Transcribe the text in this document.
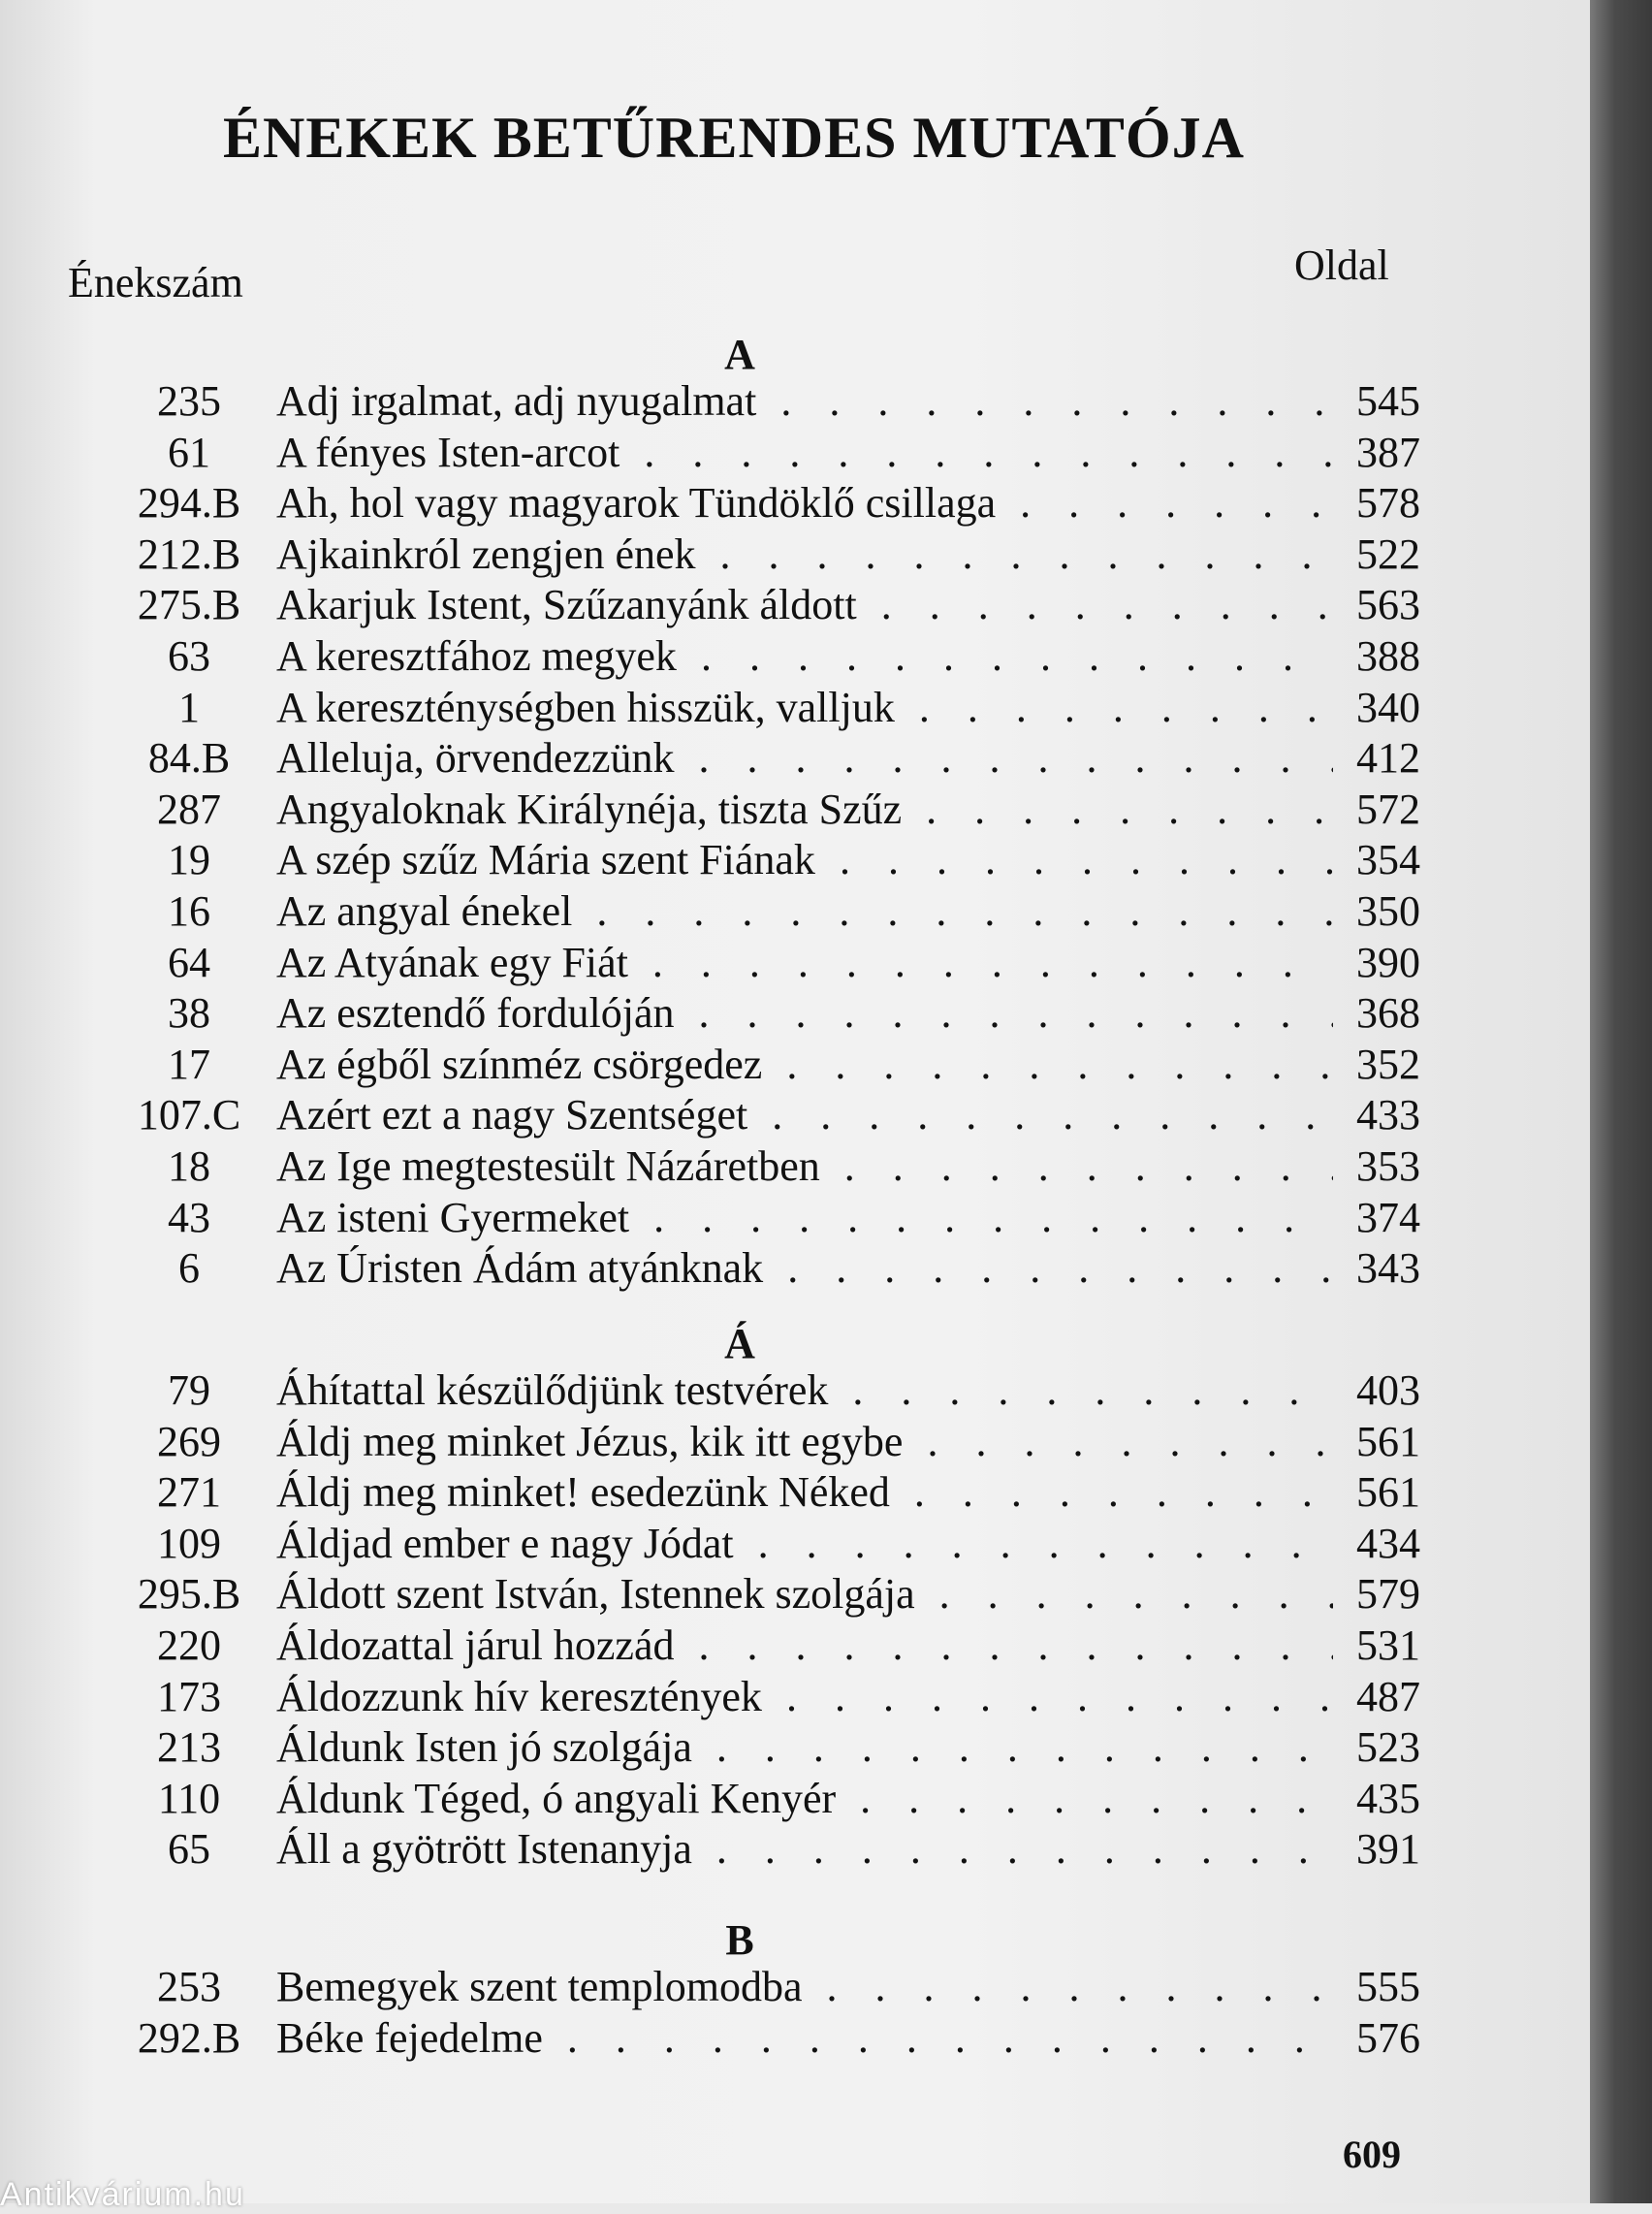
ÉNEKEK BETŰRENDES MUTATÓJA
Énekszám	Oldal
A
235	Adj irgalmat, adj nyugalmat . . .	545
61	A fényes Isten-arcot . . .	387
294.B Ah, hol vagy magyarok Tündöklő csillaga . . .	578
212.B Ajkainkról zengjen ének . . .	522
275.B Akarjuk Istent, Szűzanyánk áldott . . .	563
63	A keresztfához megyek . . .	388
1	A kereszténységben hisszük, valljuk . . .	340
84.B	Alleluja, örvendezzünk . . .	412
287	Angyaloknak Királynéja, tiszta Szűz . . .	572
19	A szép szűz Mária szent Fiának . . .	354
16	Az angyal énekel . . .	350
64	Az Atyának egy Fiát . . .	390
38	Az esztendő fordulóján . . .	368
17	Az égből színméz csörgedez . . .	352
107.C Azért ezt a nagy Szentséget . . .	433
18	Az Ige megtestesült Názáretben . . .	353
43	Az isteni Gyermeket . . .	374
6	Az Úristen Ádám atyánknak . . .	343
Á
79	Áhítattal készülődjünk testvérek . . .	403
269	Áldj meg minket Jézus, kik itt egybe . . .	561
271	Áldj meg minket! esedezünk Néked . . .	561
109	Áldjad ember e nagy Jódat . . .	434
295.B Áldott szent István, Istennek szolgája . . .	579
220	Áldozattal járul hozzád . . .	531
173	Áldozzunk hív keresztények . . .	487
213	Áldunk Isten jó szolgája . . .	523
110	Áldunk Téged, ó angyali Kenyér . . .	435
65	Áll a gyötrött Istenanyja . . .	391
B
253	Bemegyek szent templomodba . . .	555
292.B Béke fejedelme . . .	576
609
Antikvárium.hu
